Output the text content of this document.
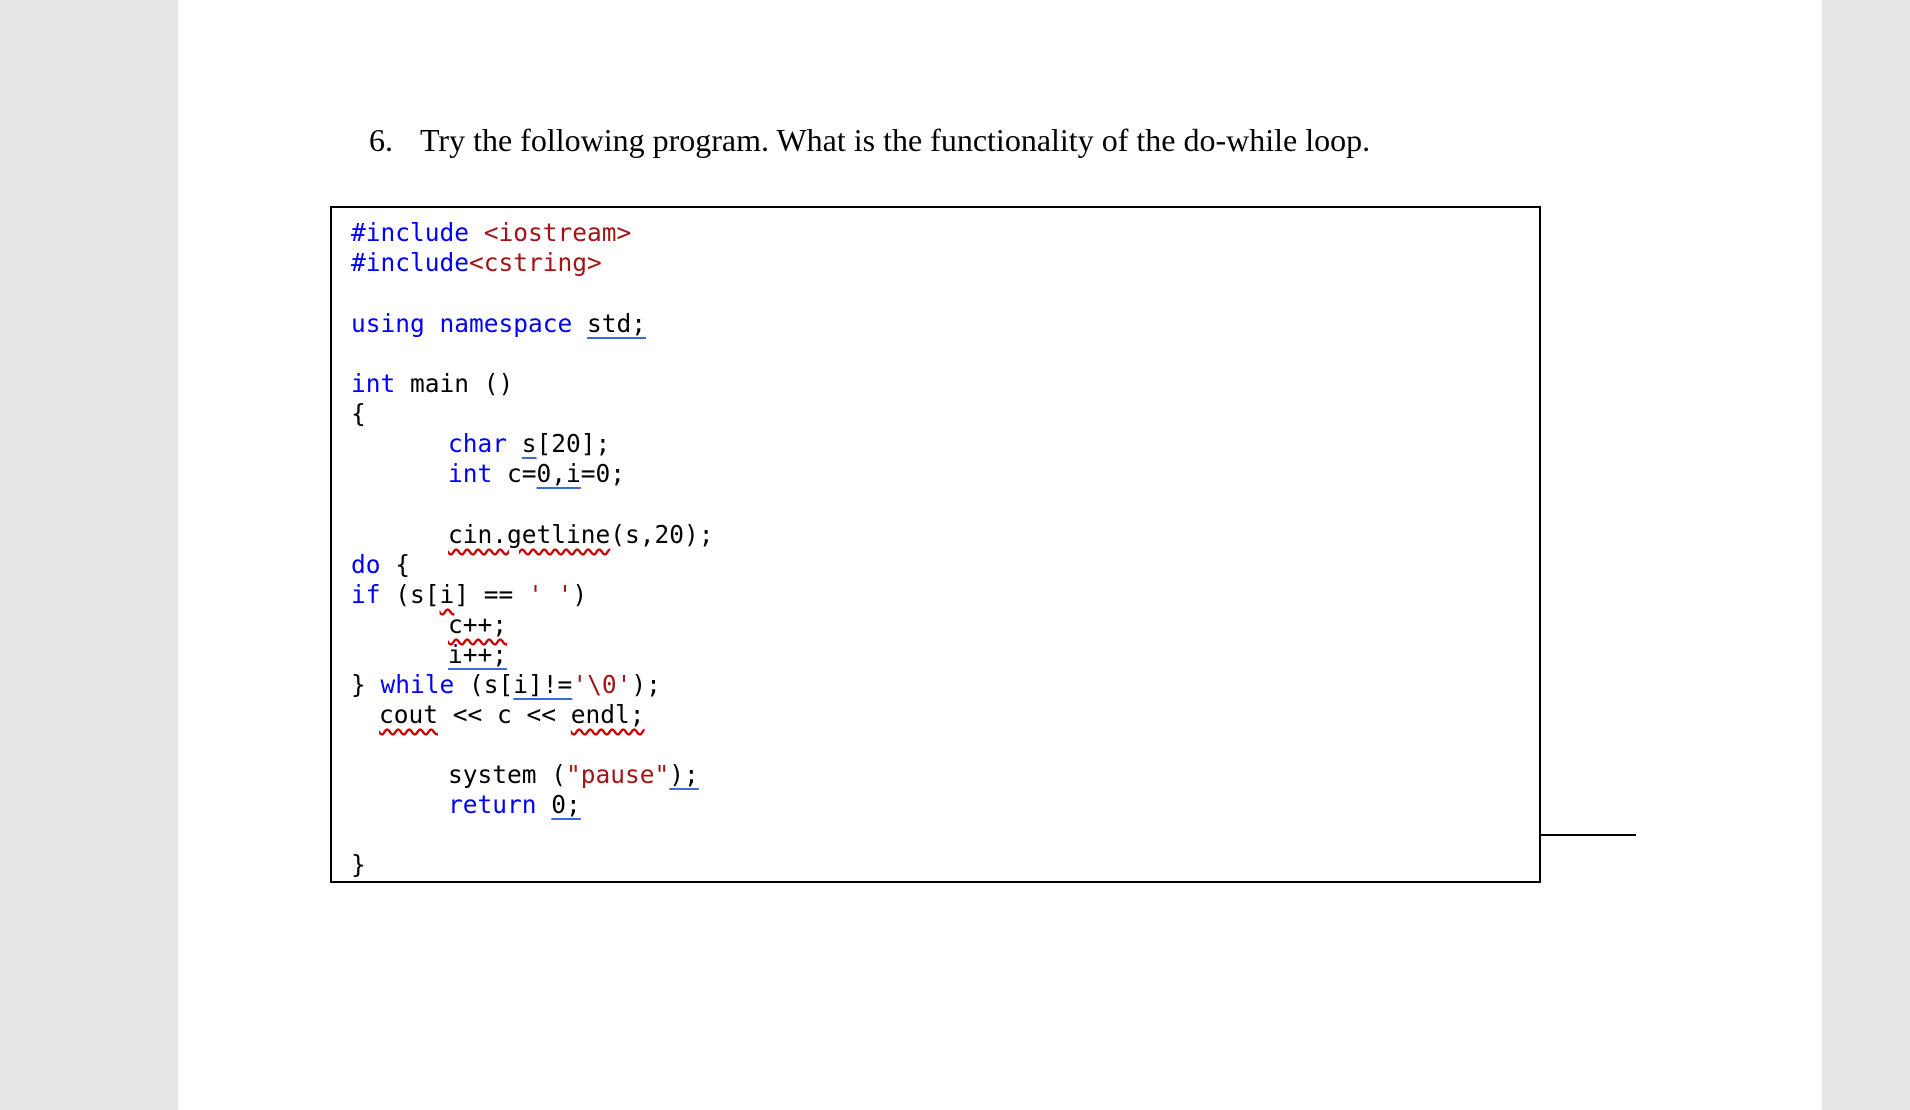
6. Try the following program. What is the functionality of the do-while loop.
#include <iostream>
#include<cstring>
using namespace std;
int main ()
{
char s[20];
int c=0,i=0;
cin.getline(s,20);
do {
if (s[i] == ' ')
c++;
i++;
} while (s[i]!='\0');
cout << c << endl;
system ("pause");
return 0;
}
